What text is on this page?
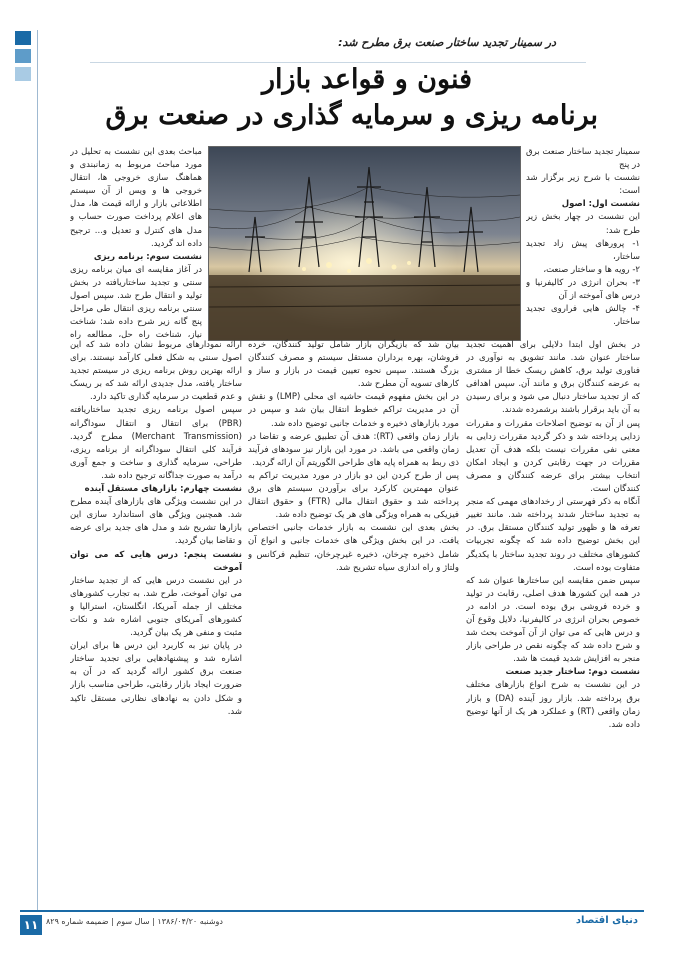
در سمینار تجدید ساختار صنعت برق مطرح شد:
فنون و قواعد بازار
برنامه ریزی و سرمایه گذاری در صنعت برق

سمینار تجدید ساختار صنعت برق در پنج

نشست با شرح زیر برگزار شد است:

نشست اول: اصول

این نشست در چهار بخش زیر طرح شد:

۱- پرورهای پیش زاد تجدید ساختار،

۲- رویه ها و ساختار صنعت،

۳- بحران انرژی در کالیفرنیا و درس های آموخته از آن

۴- چالش هایی فراروی تجدید ساختار.

مباحث بعدی این نشست به تحلیل در مورد مباحث مربوط به زمانبندی و هماهنگ سازی خروجی ها، انتقال خروجی ها و ویس از آن سیستم اطلاعاتی بازار و ارائه قیمت ها، مدل های اعلام پرداخت صورت حساب و مدل های کنترل و تعدیل و... ترجیح داده اند گردید.

نشست سوم: برنامه ریزی

در آغاز مقایسه ای میان برنامه ریزی سنتی و تجدید ساختاریافته در بخش تولید و انتقال طرح شد. سپس اصول سنتی برنامه ریزی انتقال طی مراحل پنج گانه زیر شرح داده شد: شناخت نیاز، شناخت راه حل، مطالعه راه

در بخش اول ابتدا دلایلی برای اهمیت تجدید ساختار عنوان شد. مانند تشویق به نوآوری در فناوری تولید برق، کاهش ریسک خطا از مشتری به عرضه کنندگان برق و مانند آن. سپس اهدافی که از تجدید ساختار دنبال می شود و برای رسیدن به آن باید برقرار باشند برشمرده شدند.

پس از آن به توضیح اصلاحات مقررات و مقررات زدایی پرداخته شد و ذکر گردید مقررات زدایی به معنی نفی مقررات نیست بلکه هدف آن تعدیل مقررات در جهت رقابتی کردن و ایجاد امکان انتخاب بیشتر برای عرضه کنندگان و مصرف کنندگان است.

آنگاه به ذکر فهرستی از رخدادهای مهمی که منجر به تجدید ساختار شدند پرداخته شد. مانند تغییر تعرفه ها و ظهور تولید کنندگان مستقل برق. در این بخش توضیح داده شد که چگونه تجربیات کشورهای مختلف در روند تجدید ساختار با یکدیگر متفاوت بوده است.

سپس ضمن مقایسه این ساختارها عنوان شد که در همه این کشورها هدف اصلی، رقابت در تولید و خرده فروشی برق بوده است. در ادامه در خصوص بحران انرژی در کالیفرنیا، دلایل وقوع آن و درس هایی که می توان از آن آموخت بحث شد و شرح داده شد که چگونه نقص در طراحی بازار منجر به افزایش شدید قیمت ها شد.

نشست دوم: ساختار جدید صنعت

در این نشست به شرح انواع بازارهای مختلف برق پرداخته شد. بازار روز آینده (DA) و بازار زمان واقعی (RT) و عملکرد هر یک از آنها توضیح داده شد.

بیان شد که بازیگران بازار شامل تولید کنندگان، خرده فروشان، بهره برداران مستقل سیستم و مصرف کنندگان بزرگ هستند. سپس نحوه تعیین قیمت در بازار و ساز و کارهای تسویه آن مطرح شد.

در این بخش مفهوم قیمت حاشیه ای محلی (LMP) و نقش آن در مدیریت تراکم خطوط انتقال بیان شد و سپس در مورد بازارهای ذخیره و خدمات جانبی توضیح داده شد.

بازار زمان واقعی (RT): هدف آن تطبیق عرضه و تقاضا در زمان واقعی می باشد. در مورد این بازار نیز سودهای فرآیند ذی ربط به همراه پایه های طراحی الگوریتم آن ارائه گردید.

پس از طرح کردن این دو بازار در مورد مدیریت تراکم به عنوان مهمترین کارکرد برای برآوردن سیستم های برق پرداخته شد و حقوق انتقال مالی (FTR) و حقوق انتقال فیزیکی به همراه ویژگی های هر یک توضیح داده شد.

بخش بعدی این نشست به بازار خدمات جانبی اختصاص یافت. در این بخش ویژگی های خدمات جانبی و انواع آن شامل ذخیره چرخان، ذخیره غیرچرخان، تنظیم فرکانس و ولتاژ و راه اندازی سیاه تشریح شد.

ارائه نمودارهای مربوط نشان داده شد که این اصول سنتی به شکل فعلی کارآمد نیستند. برای ارائه بهترین روش برنامه ریزی در سیستم تجدید ساختار یافته، مدل جدیدی ارائه شد که بر ریسک و عدم قطعیت در سرمایه گذاری تاکید دارد.

سپس اصول برنامه ریزی تجدید ساختاریافته (PBR) برای انتقال و انتقال سوداگرانه (Merchant Transmission) مطرح گردید. فرآیند کلی انتقال سوداگرانه از برنامه ریزی، طراحی، سرمایه گذاری و ساخت و جمع آوری درآمد به صورت جداگانه ترجیح داده شد.

نشست چهارم: بازارهای مستقل آینده

در این نشست ویژگی های بازارهای آینده مطرح شد. همچنین ویژگی های استاندارد سازی این بازارها تشریح شد و مدل های جدید برای عرضه و تقاضا بیان گردید.

نشست پنجم: درس هایی که می توان آموخت

در این نشست درس هایی که از تجدید ساختار می توان آموخت، طرح شد. به تجارب کشورهای مختلف از جمله آمریکا، انگلستان، استرالیا و کشورهای آمریکای جنوبی اشاره شد و نکات مثبت و منفی هر یک بیان گردید.

در پایان نیز به کاربرد این درس ها برای ایران اشاره شد و پیشنهادهایی برای تجدید ساختار صنعت برق کشور ارائه گردید که در آن به ضرورت ایجاد بازار رقابتی، طراحی مناسب بازار و شکل دادن به نهادهای نظارتی مستقل تاکید شد.

۱۱ دوشنبه ۱۳۸۶/۰۴/۲۰ | سال سوم | ضمیمه شماره ۸۲۹	دنیای اقتصاد
